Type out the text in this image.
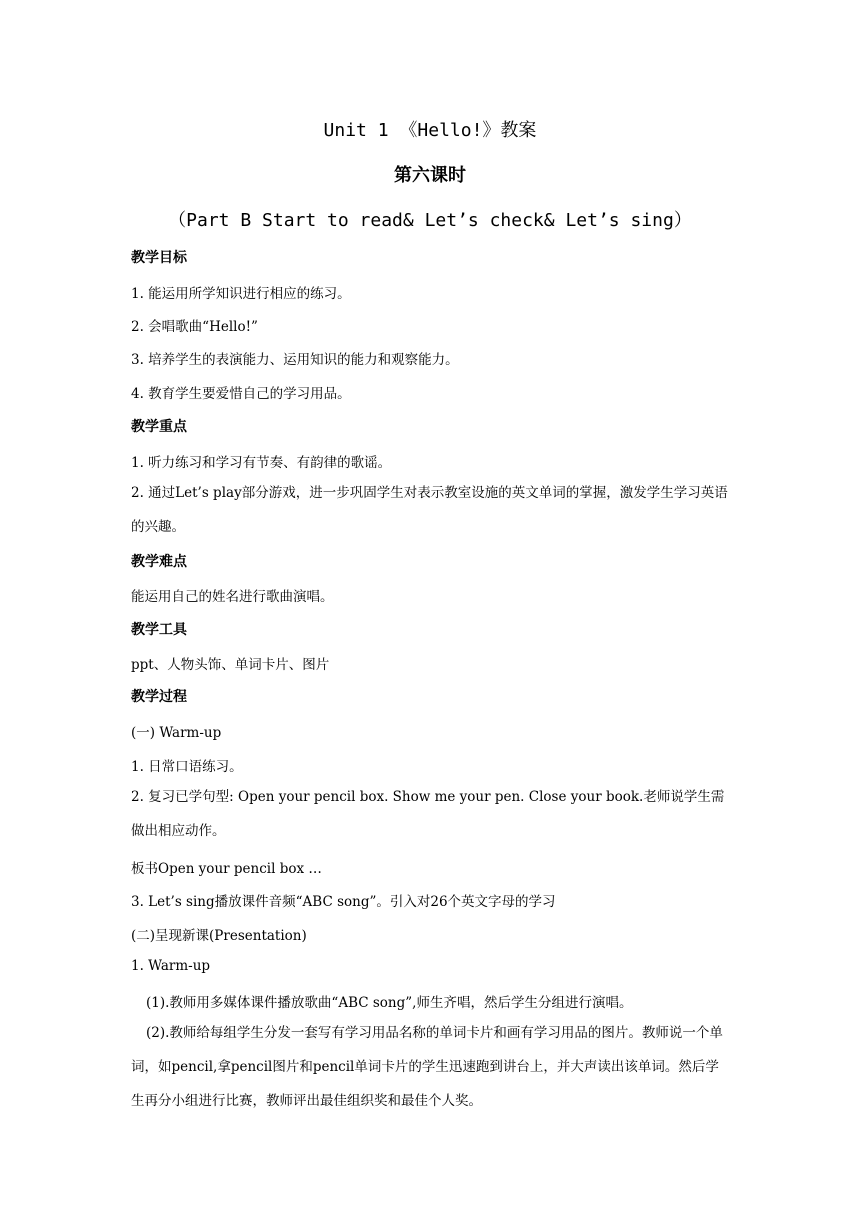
Unit 1 《Hello!》教案
第六课时
（Part B Start to read& Let’s check& Let’s sing）
教学目标
1. 能运用所学知识进行相应的练习。
2. 会唱歌曲“Hello!”
3. 培养学生的表演能力、运用知识的能力和观察能力。
4. 教育学生要爱惜自己的学习用品。
教学重点
1. 听力练习和学习有节奏、有韵律的歌谣。
2. 通过Let’s play部分游戏，进一步巩固学生对表示教室设施的英文单词的掌握，激发学生学习英语的兴趣。
教学难点
能运用自己的姓名进行歌曲演唱。
教学工具
ppt、人物头饰、单词卡片、图片
教学过程
(一) Warm-up
1. 日常口语练习。
2. 复习已学句型: Open your pencil box. Show me your pen. Close your book.老师说学生需做出相应动作。
板书Open your pencil box …
3. Let’s sing播放课件音频“ABC song”。引入对26个英文字母的学习
(二)呈现新课(Presentation)
1. Warm-up
(1).教师用多媒体课件播放歌曲“ABC song”,师生齐唱，然后学生分组进行演唱。
(2).教师给每组学生分发一套写有学习用品名称的单词卡片和画有学习用品的图片。教师说一个单词，如pencil,拿pencil图片和pencil单词卡片的学生迅速跑到讲台上，并大声读出该单词。然后学生再分小组进行比赛，教师评出最佳组织奖和最佳个人奖。
